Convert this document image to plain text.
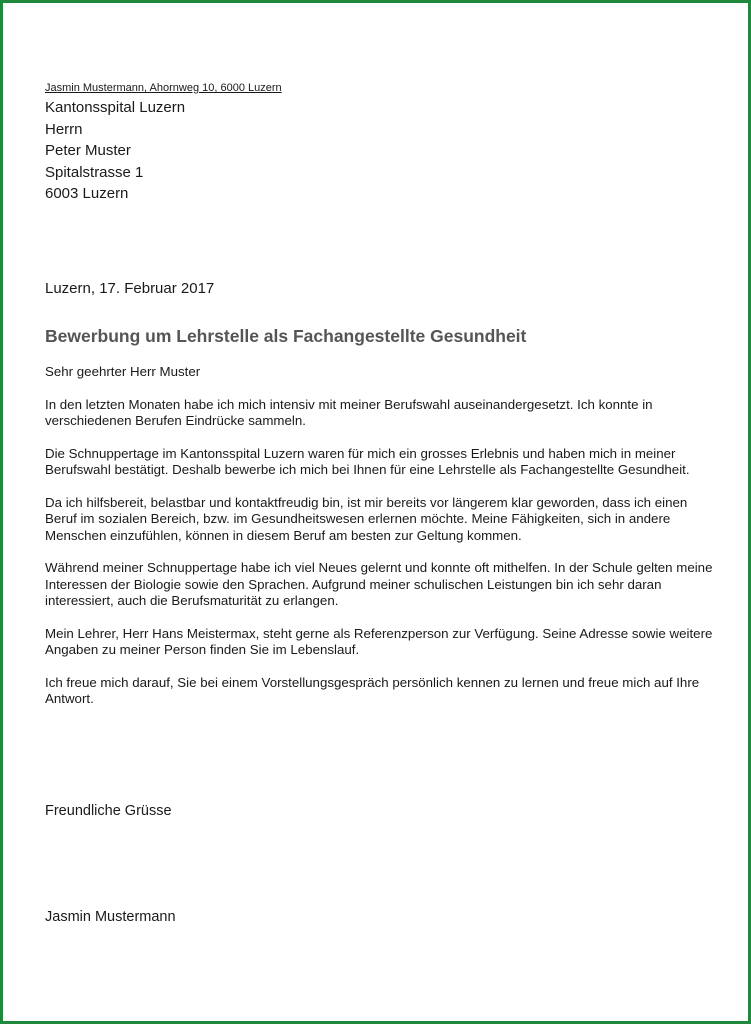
Jasmin Mustermann, Ahornweg 10, 6000 Luzern
Kantonsspital Luzern
Herrn
Peter Muster
Spitalstrasse 1
6003 Luzern
Luzern, 17. Februar 2017
Bewerbung um Lehrstelle als Fachangestellte Gesundheit

Sehr geehrter Herr Muster

In den letzten Monaten habe ich mich intensiv mit meiner Berufswahl auseinandergesetzt. Ich konnte in verschiedenen Berufen Eindrücke sammeln.

Die Schnuppertage im Kantonsspital Luzern waren für mich ein grosses Erlebnis und haben mich in meiner Berufswahl bestätigt. Deshalb bewerbe ich mich bei Ihnen für eine Lehrstelle als Fachangestellte Gesundheit.

Da ich hilfsbereit, belastbar und kontaktfreudig bin, ist mir bereits vor längerem klar geworden, dass ich einen Beruf im sozialen Bereich, bzw. im Gesundheitswesen erlernen möchte. Meine Fähigkeiten, sich in andere Menschen einzufühlen, können in diesem Beruf am besten zur Geltung kommen.

Während meiner Schnuppertage habe ich viel Neues gelernt und konnte oft mithelfen. In der Schule gelten meine Interessen der Biologie sowie den Sprachen. Aufgrund meiner schulischen Leistungen bin ich sehr daran interessiert, auch die Berufsmaturität zu erlangen.

Mein Lehrer, Herr Hans Meistermax, steht gerne als Referenzperson zur Verfügung. Seine Adresse sowie weitere Angaben zu meiner Person finden Sie im Lebenslauf.

Ich freue mich darauf, Sie bei einem Vorstellungsgespräch persönlich kennen zu lernen und freue mich auf Ihre Antwort.

Freundliche Grüsse
Jasmin Mustermann
